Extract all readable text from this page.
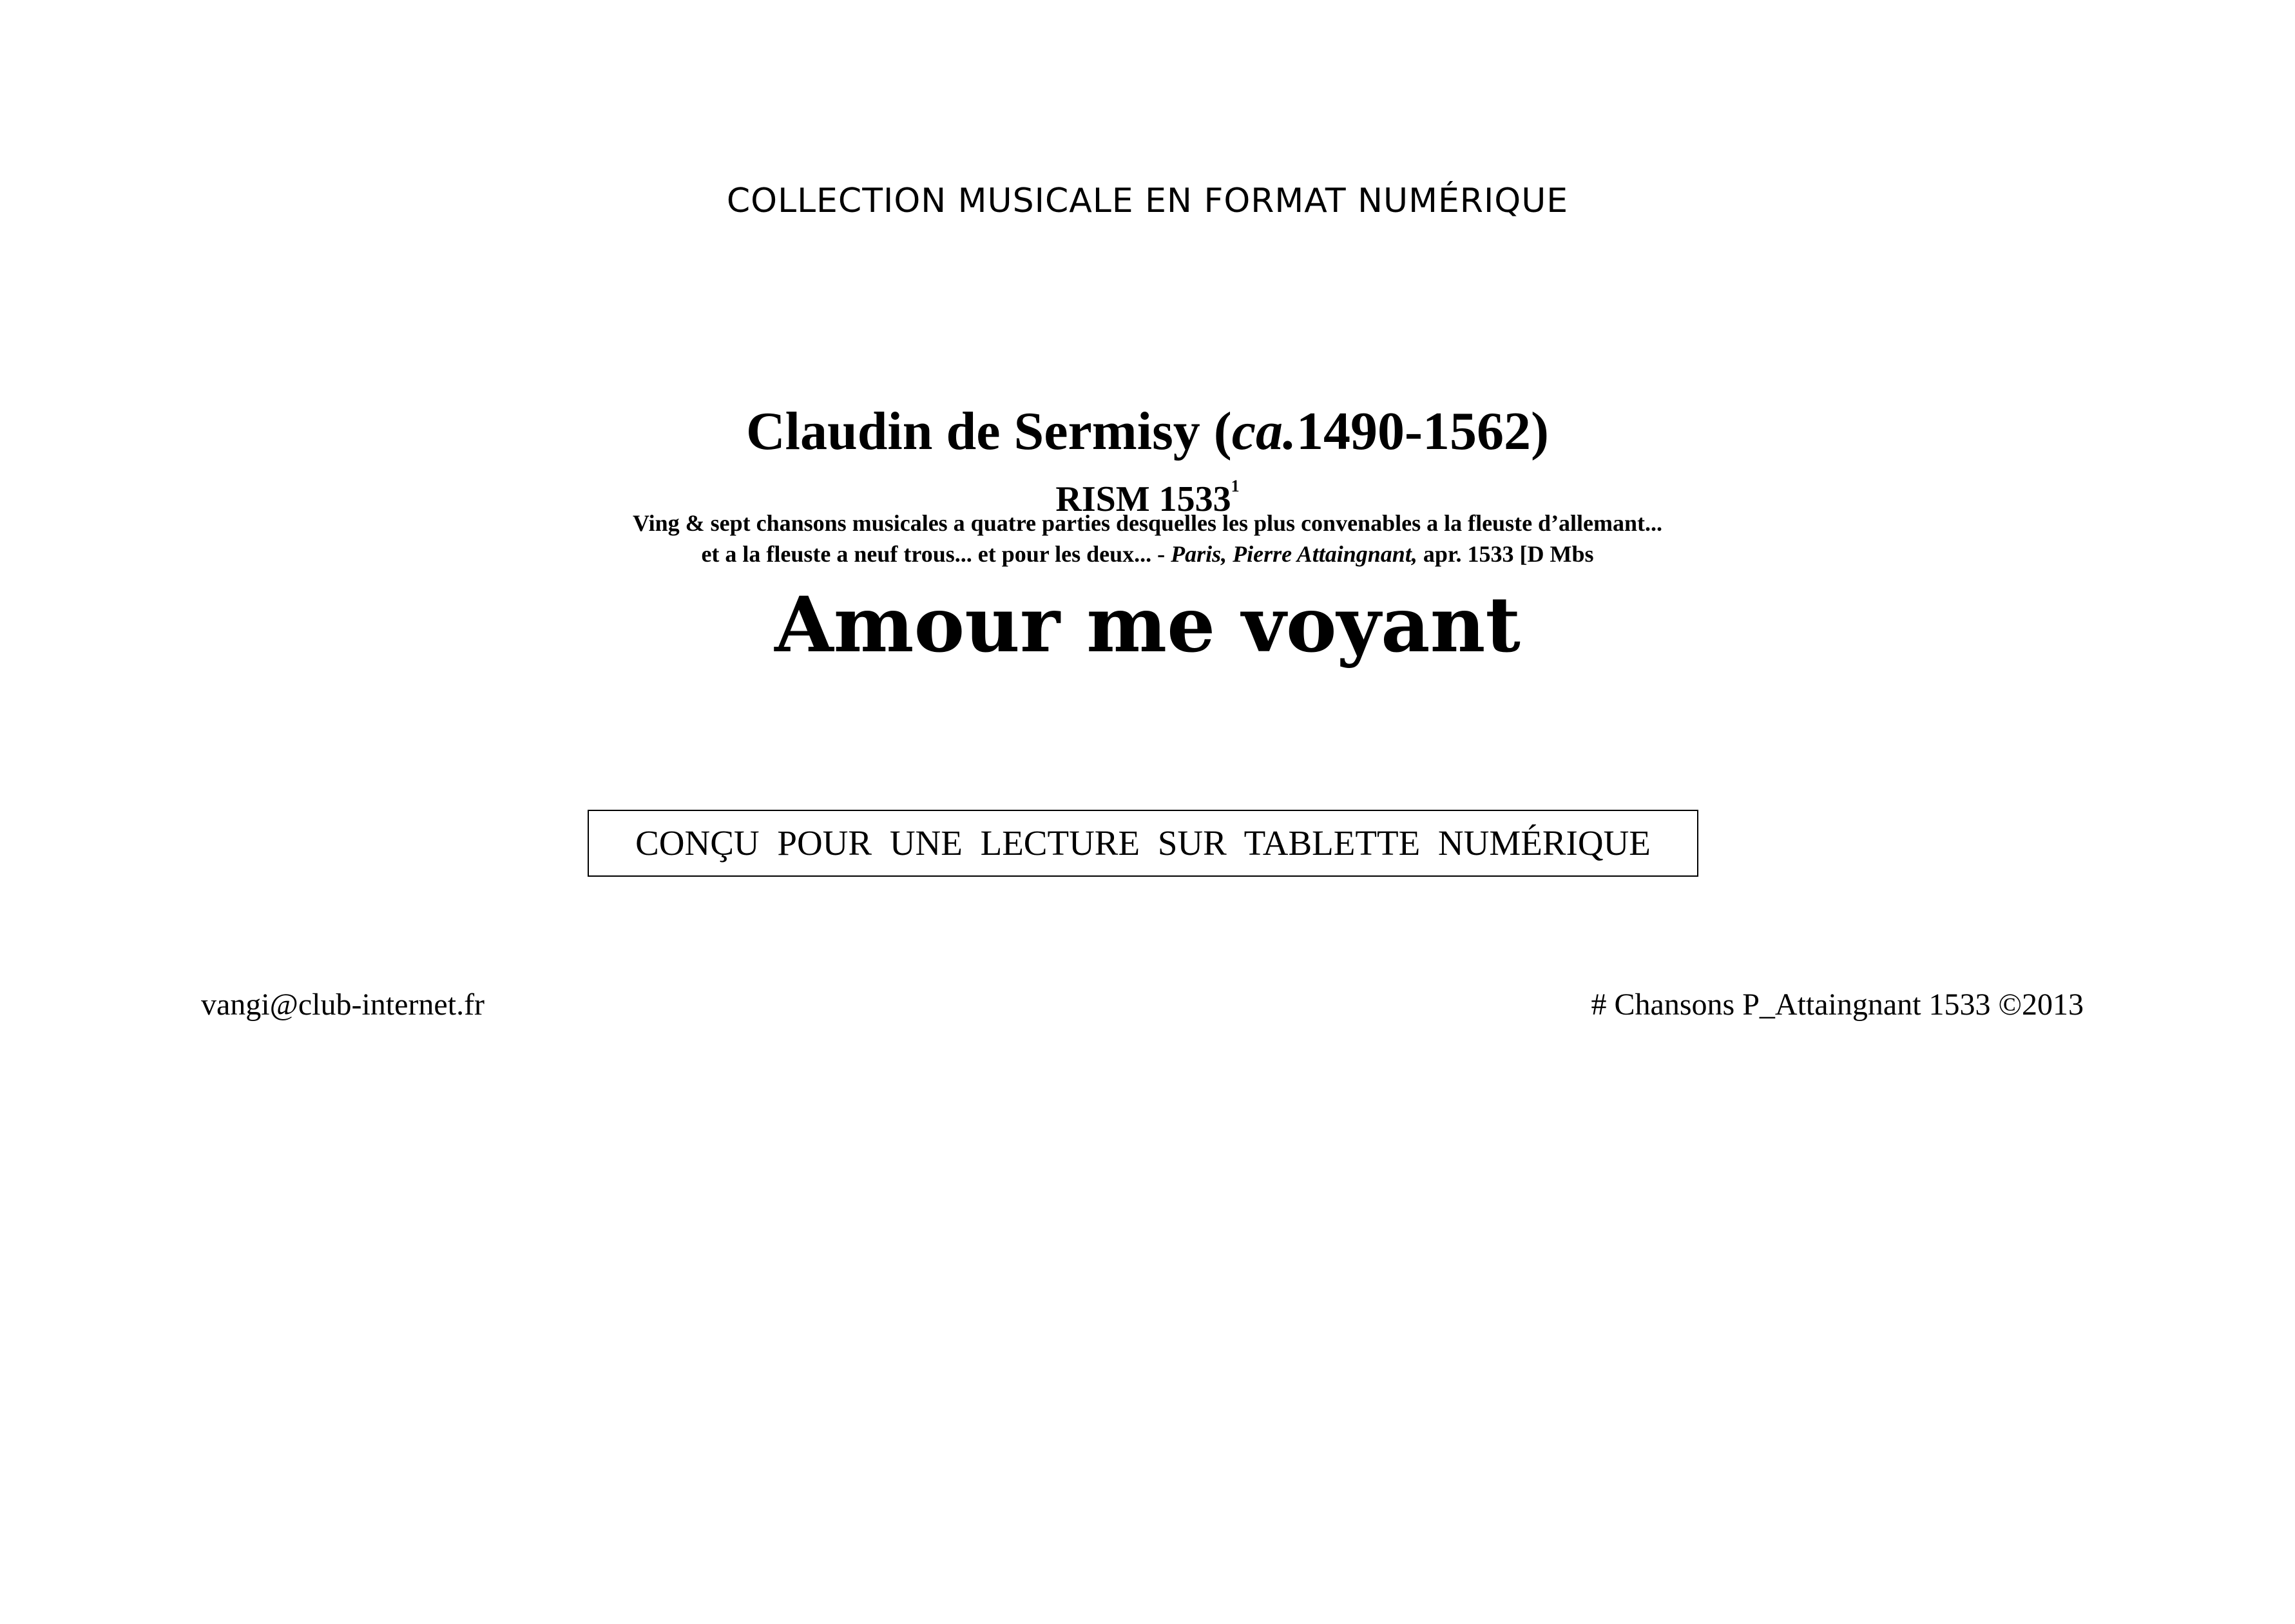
COLLECTION MUSICALE EN FORMAT NUMÉRIQUE
Claudin de Sermisy (ca.1490-1562)
RISM 1533$^1$
Ving & sept chansons musicales a quatre parties desquelles les plus convenables a la fleuste d’allemant...
et a la fleuste a neuf trous... et pour les deux... - Paris, Pierre Attaingnant, apr. 1533 [D Mbs
Amour me voyant
CONÇU POUR UNE LECTURE SUR TABLETTE NUMÉRIQUE
vangi@club-internet.fr	# Chansons P_Attaingnant 1533 ©2013
